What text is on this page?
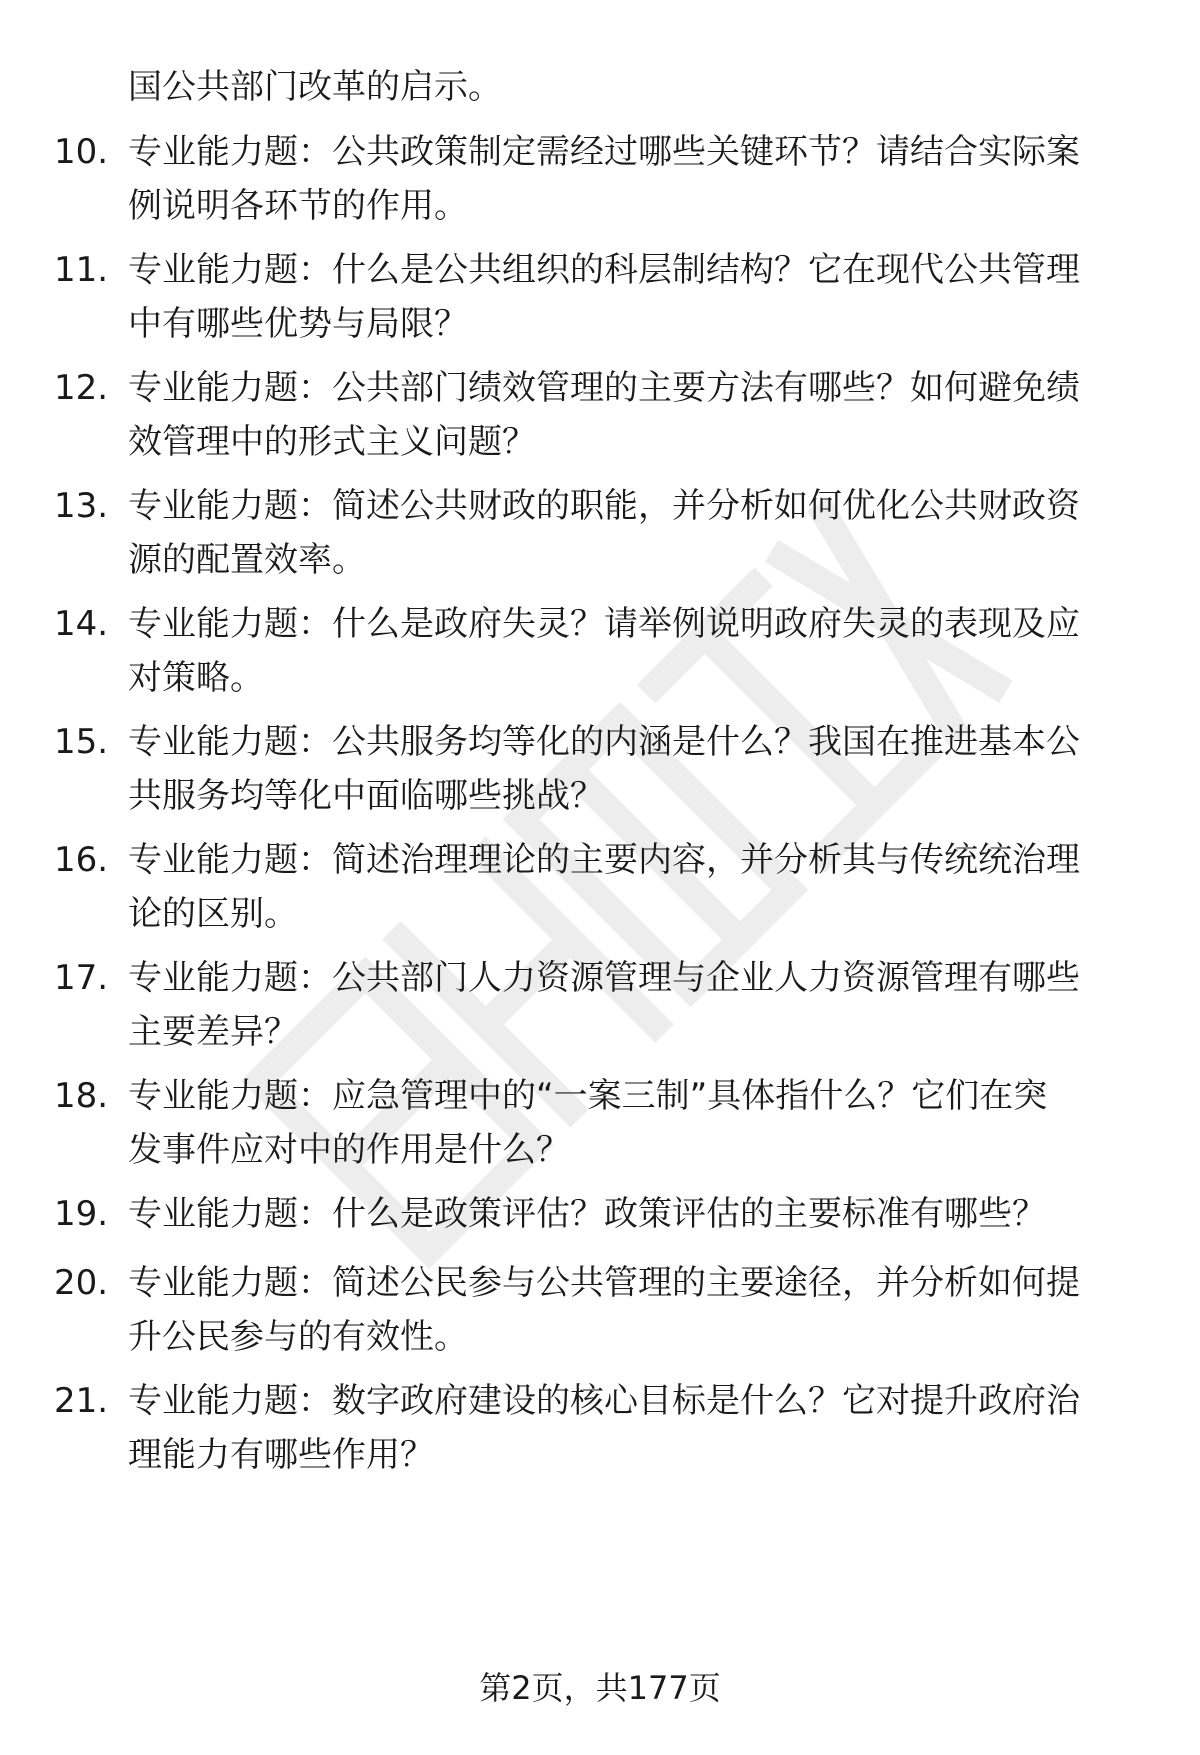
国公共部门改革的启示。
10. 专业能力题：公共政策制定需经过哪些关键环节？请结合实际案
例说明各环节的作用。
11. 专业能力题：什么是公共组织的科层制结构？它在现代公共管理
中有哪些优势与局限？
12. 专业能力题：公共部门绩效管理的主要方法有哪些？如何避免绩
效管理中的形式主义问题？
13. 专业能力题：简述公共财政的职能，并分析如何优化公共财政资
源的配置效率。
14. 专业能力题：什么是政府失灵？请举例说明政府失灵的表现及应
对策略。
15. 专业能力题：公共服务均等化的内涵是什么？我国在推进基本公
共服务均等化中面临哪些挑战？
16. 专业能力题：简述治理理论的主要内容，并分析其与传统统治理
论的区别。
17. 专业能力题：公共部门人力资源管理与企业人力资源管理有哪些
主要差异？
18. 专业能力题：应急管理中的“一案三制”具体指什么？它们在突
发事件应对中的作用是什么？
19. 专业能力题：什么是政策评估？政策评估的主要标准有哪些？
20. 专业能力题：简述公民参与公共管理的主要途径，并分析如何提
升公民参与的有效性。
21. 专业能力题：数字政府建设的核心目标是什么？它对提升政府治
理能力有哪些作用？
第2页，共177页
